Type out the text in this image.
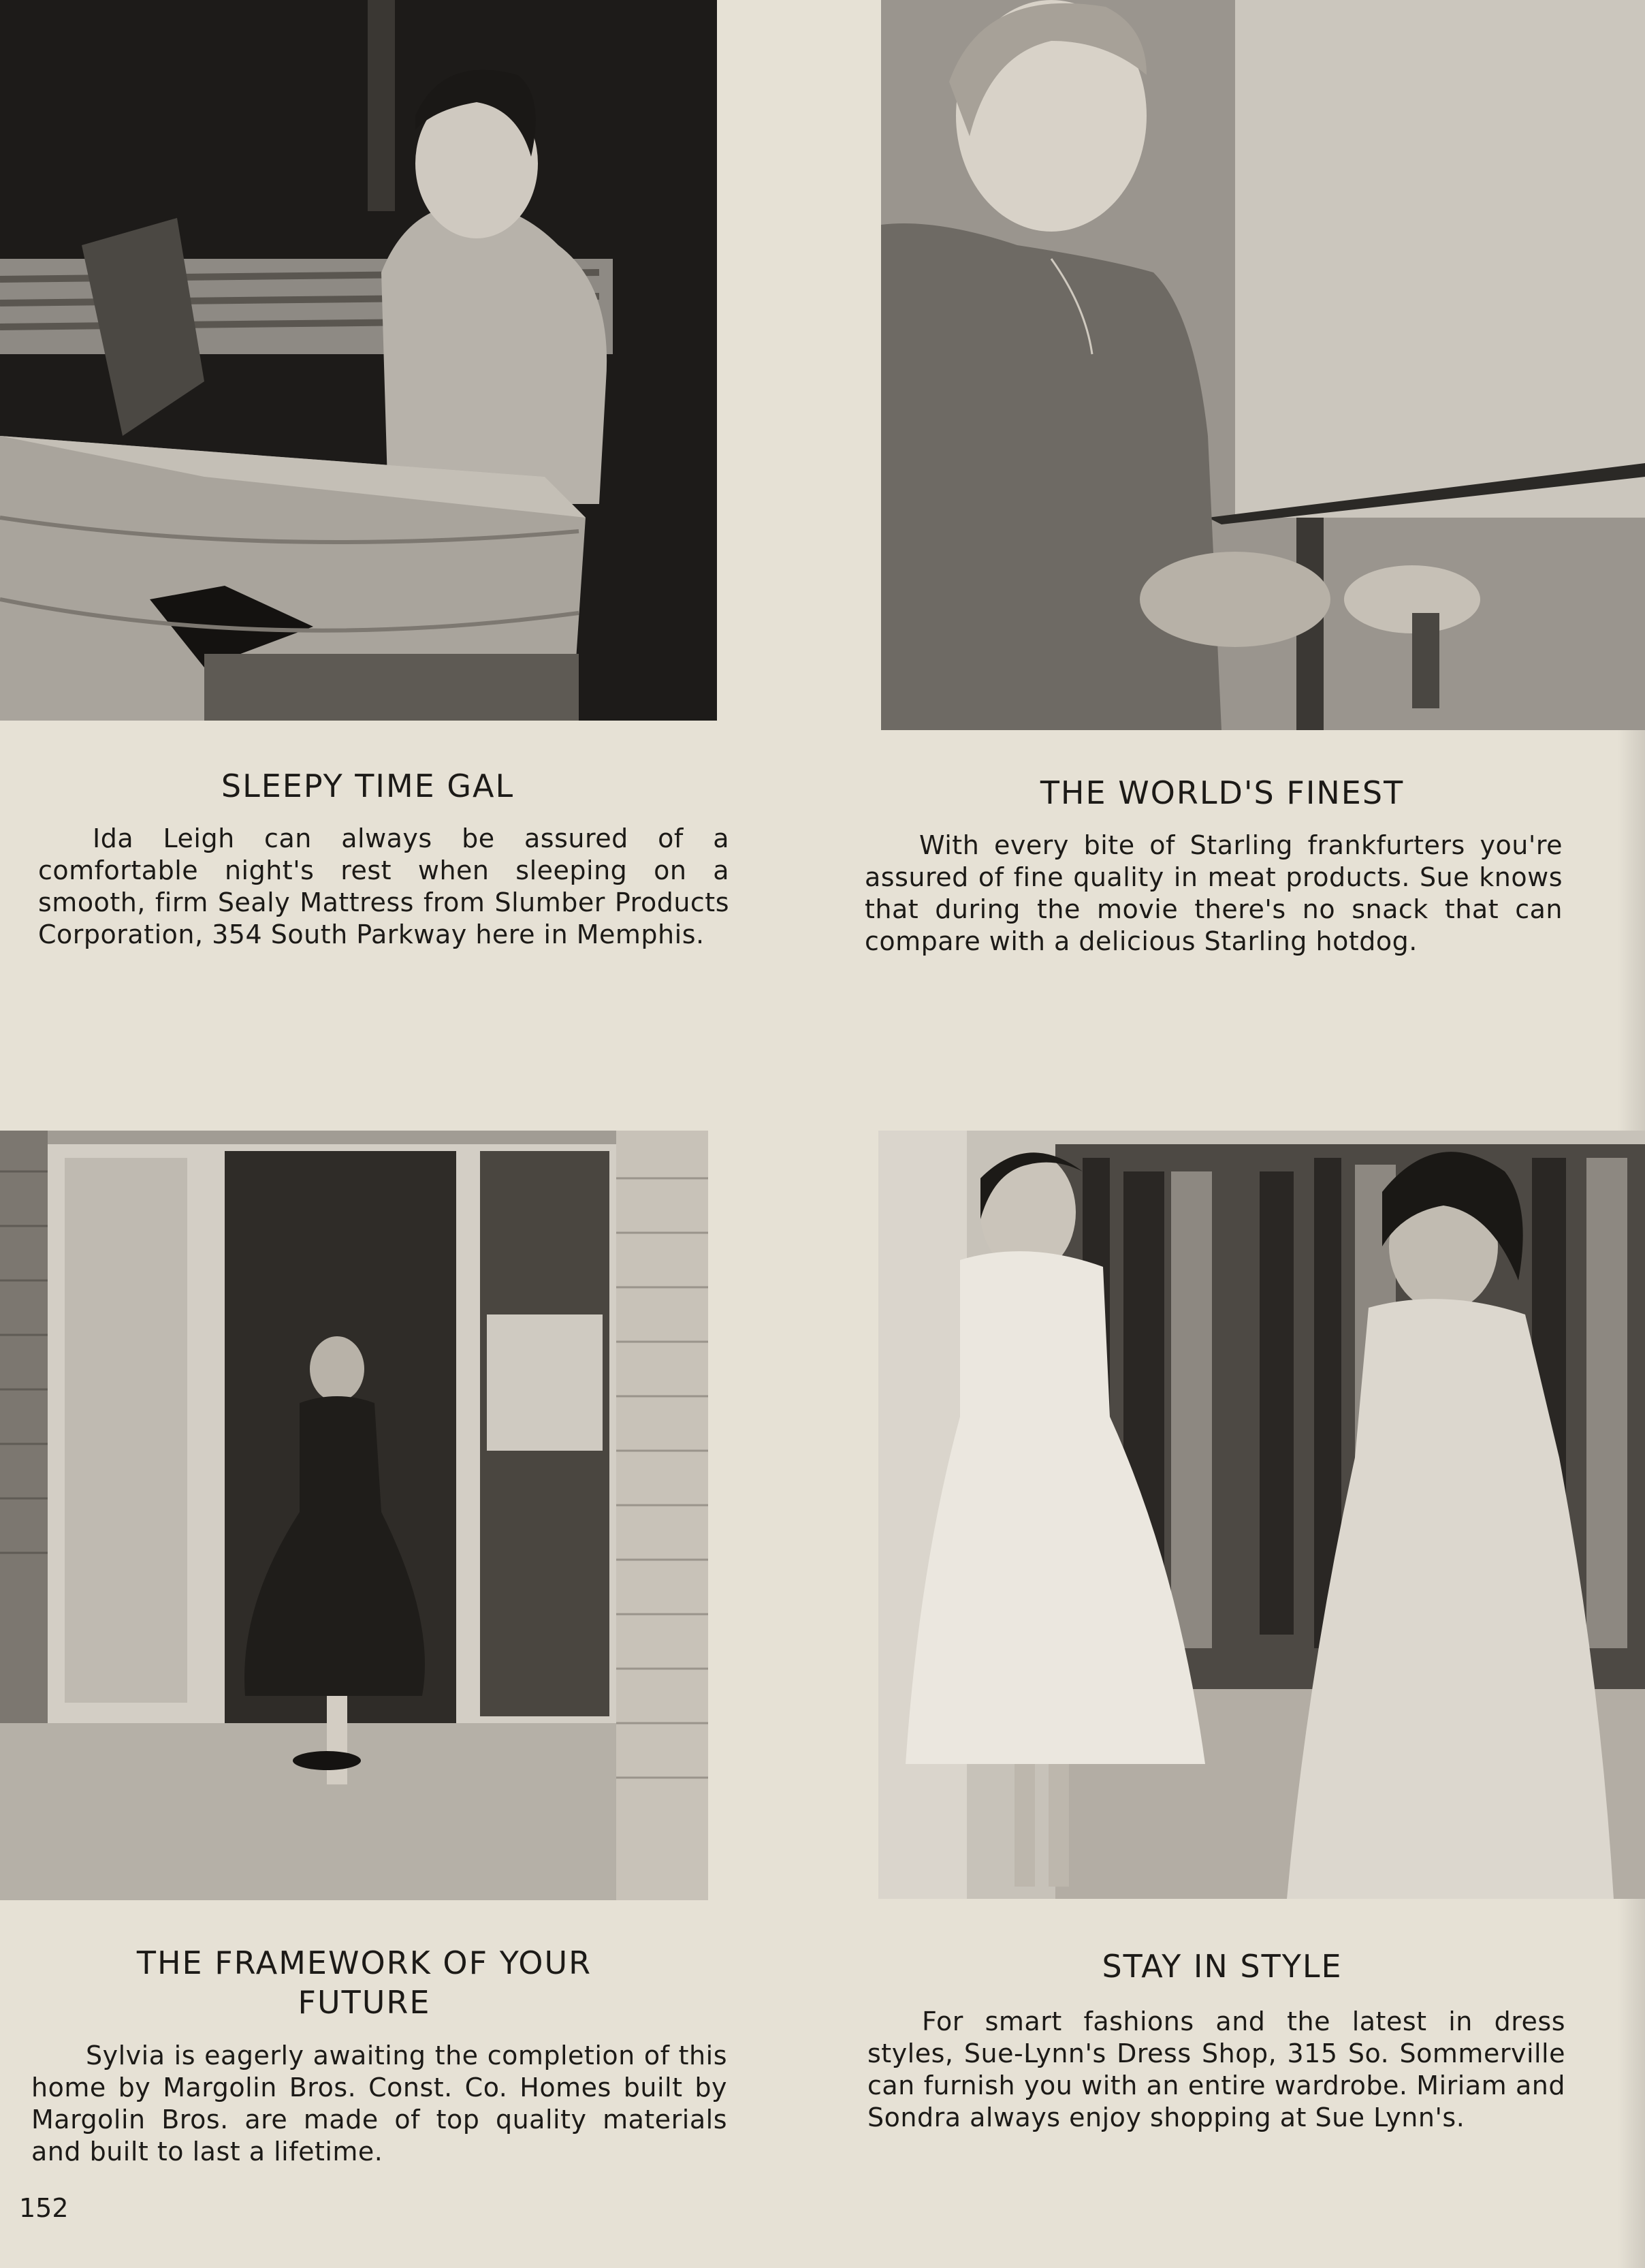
SLEEPY TIME GAL

Ida Leigh can always be assured of a comfortable night's rest when sleeping on a smooth, firm Sealy Mattress from Slumber Products Corporation, 354 South Parkway here in Memphis.

THE WORLD'S FINEST

With every bite of Starling frankfurters you're assured of fine quality in meat products. Sue knows that during the movie there's no snack that can compare with a delicious Starling hotdog.

THE FRAMEWORK OF YOUR
FUTURE

Sylvia is eagerly awaiting the completion of this home by Margolin Bros. Const. Co. Homes built by Margolin Bros. are made of top quality materials and built to last a lifetime.

STAY IN STYLE

For smart fashions and the latest in dress styles, Sue-Lynn's Dress Shop, 315 So. Sommerville can furnish you with an entire wardrobe. Miriam and Sondra always enjoy shopping at Sue Lynn's.

152
